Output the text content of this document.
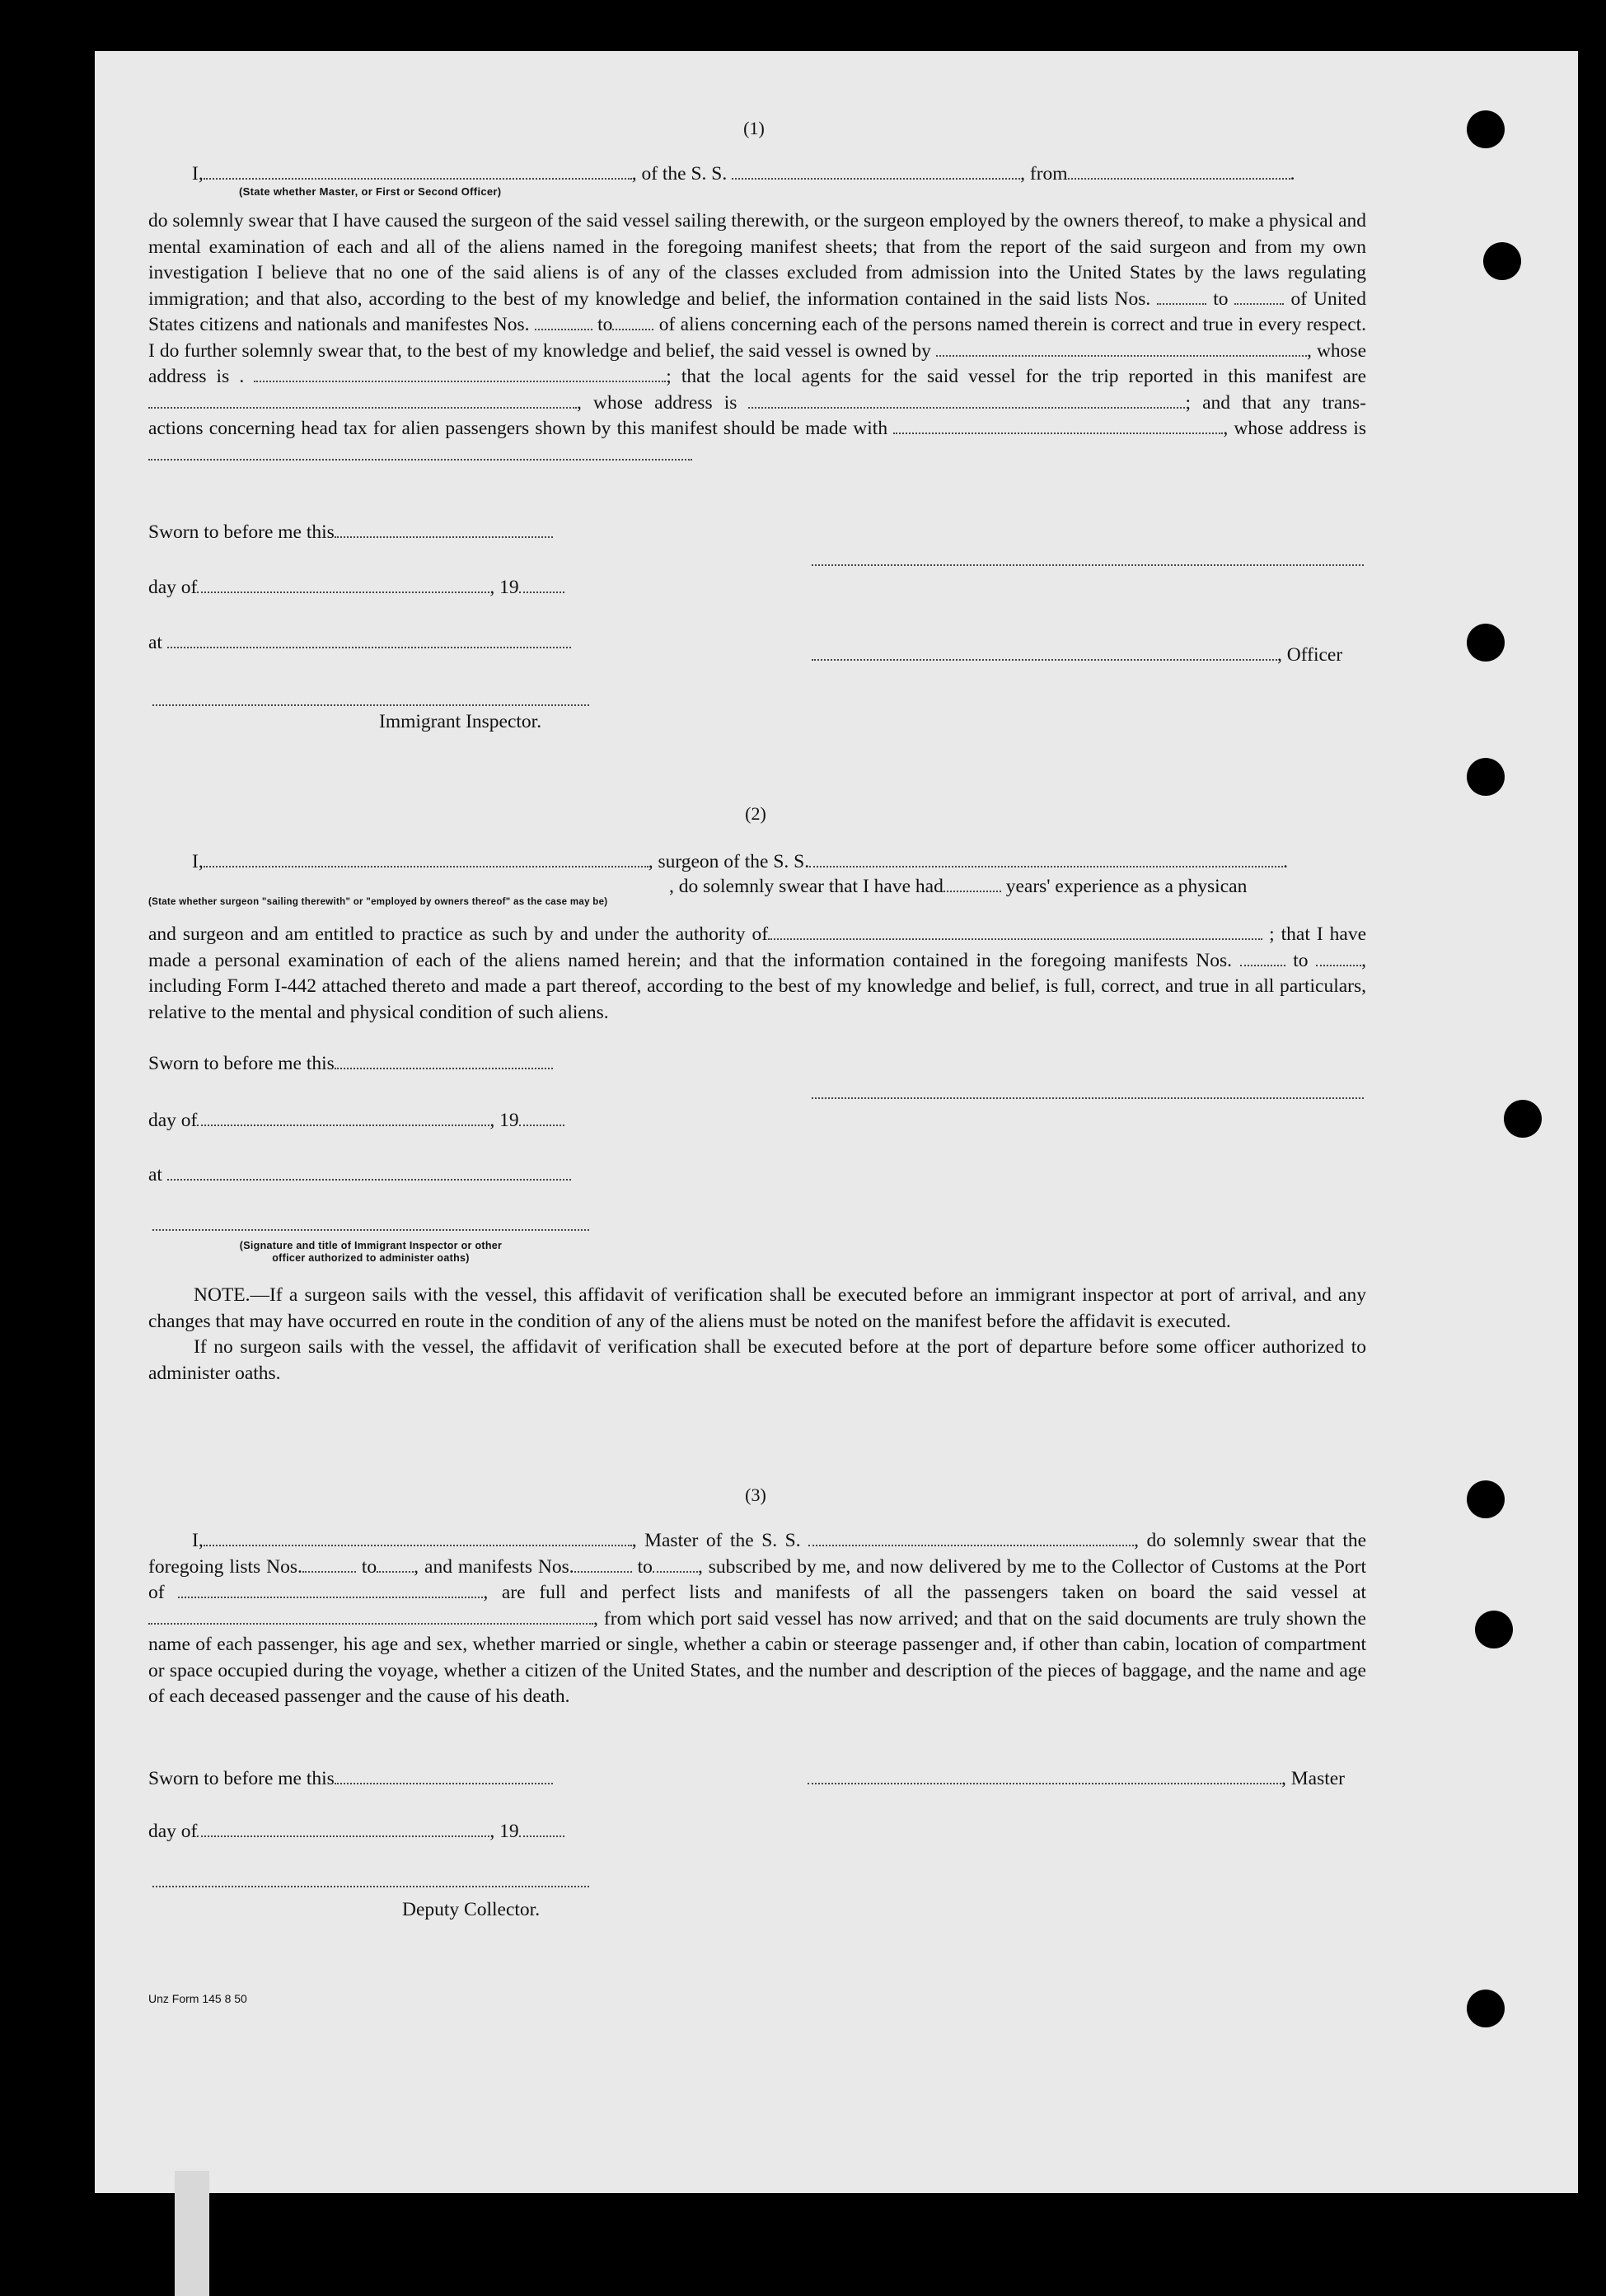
(1)
I,	, of the S. S.	, from	.
(State whether Master, or First or Second Officer)

do solemnly swear that I have caused the surgeon of the said vessel sailing therewith, or the surgeon employed by the owners thereof, to make a physical and mental examination of each and all of the aliens named in the foregoing manifest sheets; that from the report of the said surgeon and from my own investigation I believe that no one of the said aliens is of any of the classes excluded from admission into the United States by the laws regulating immigration; and that also, according to the best of my knowledge and belief, the information contained in the said lists Nos.	to	of United States citizens and nationals and manifestes Nos.	to of aliens concerning each of the persons named therein is correct and true in every respect. I do further solemnly swear that, to the best of my knowledge and belief, the said vessel is owned by	, whose address is .	; that the local agents for the said vessel for the trip reported in this manifest are , whose address is	; and that any trans- actions concerning head tax for alien passengers shown by this manifest should be made with	, whose address is

Sworn to before me this
day of	, 19
at
, Officer
Immigrant Inspector.
(2)
I,	, surgeon of the S. S.	.
, do solemnly swear that I have had	years' experience as a physican
(State whether surgeon "sailing therewith" or "employed by owners thereof" as the case may be)

and surgeon and am entitled to practice as such by and under the authority of	; that I have made a personal examination of each of the aliens named herein; and that the information contained in the foregoing manifests Nos.	to	, including Form I-442 attached thereto and made a part thereof, according to the best of my knowledge and belief, is full, correct, and true in all particulars, relative to the mental and physical condition of such aliens.

Sworn to before me this
day of	, 19
at
(Signature and title of Immigrant Inspector or other
officer authorized to administer oaths)

NOTE.—If a surgeon sails with the vessel, this affidavit of verification shall be executed before an immigrant inspector at port of arrival, and any changes that may have occurred en route in the condition of any of the aliens must be noted on the manifest before the affidavit is executed.

If no surgeon sails with the vessel, the affidavit of verification shall be executed before at the port of departure before some officer authorized to administer oaths.

(3)

I,	, Master of the S. S.	, do solemnly swear that the foregoing lists Nos.	to , and manifests Nos.	to , subscribed by me, and now delivered by me to the Collector of Customs at the Port of	, are full and perfect lists and manifests of all the passengers taken on board the said vessel at, from which port said vessel has now arrived; and that on the said documents are truly shown the name of each passenger, his age and sex, whether married or single, whether a cabin or steerage passenger and, if other than cabin, location of compartment or space occupied during the voyage, whether a citizen of the United States, and the number and description of the pieces of baggage, and the name and age of each deceased passenger and the cause of his death.

Sworn to before me this	, Master
day of	, 19
Deputy Collector.
Unz Form 145 8 50
